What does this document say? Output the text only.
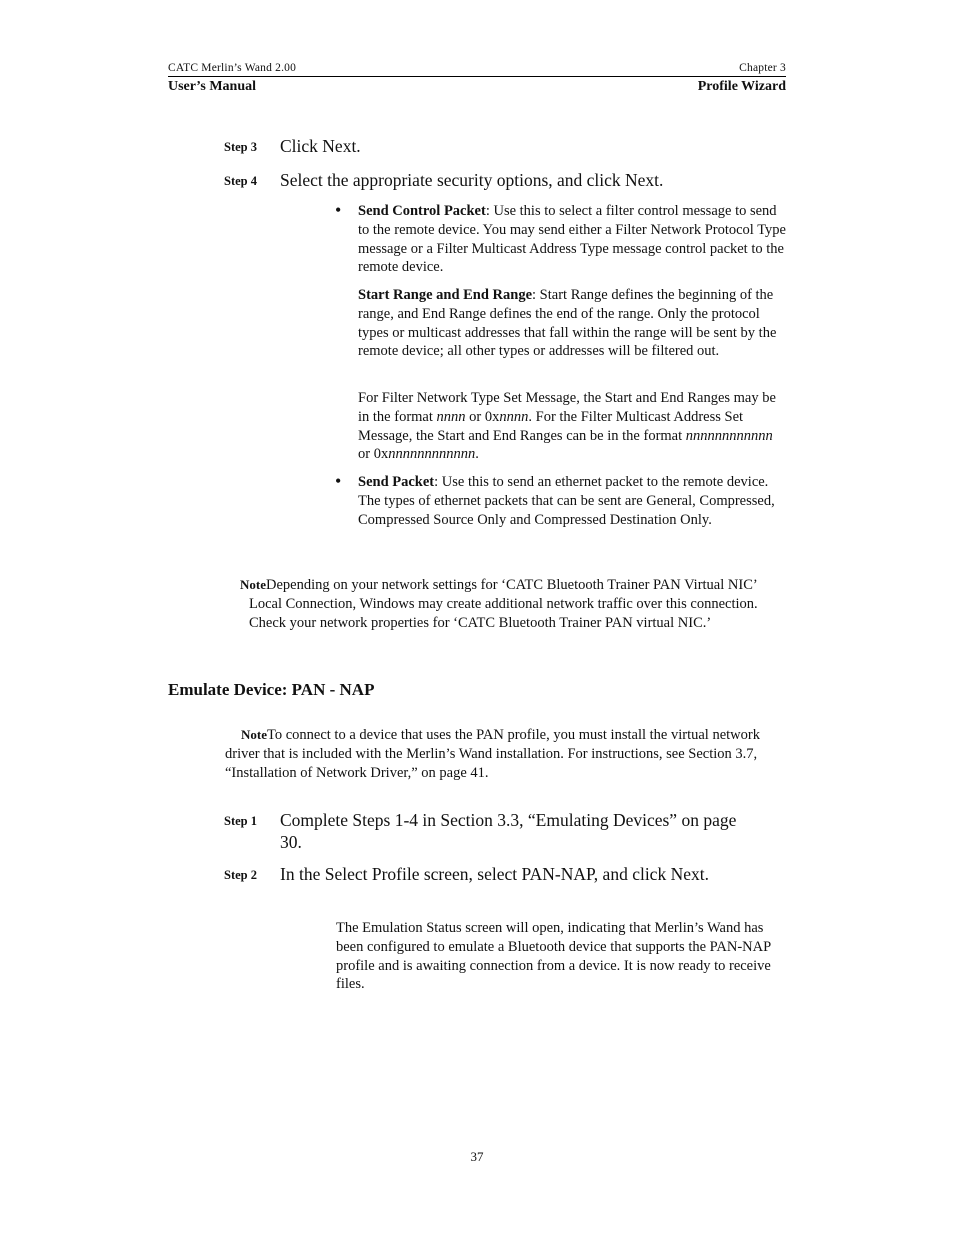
CATC Merlin’s Wand 2.00	Chapter 3
User’s Manual	Profile Wizard
Step 3 Click Next.
Step 4 Select the appropriate security options, and click Next.
• Send Control Packet: Use this to select a filter control message to send to the remote device. You may send either a Filter Network Protocol Type message or a Filter Multicast Address Type message control packet to the remote device.
Start Range and End Range: Start Range defines the beginning of the range, and End Range defines the end of the range. Only the protocol types or multicast addresses that fall within the range will be sent by the remote device; all other types or addresses will be filtered out.
For Filter Network Type Set Message, the Start and End Ranges may be in the format nnnn or 0xnnnn. For the Filter Multicast Address Set Message, the Start and End Ranges can be in the format nnnnnnnnnnnn or 0xnnnnnnnnnnnn.
• Send Packet: Use this to send an ethernet packet to the remote device. The types of ethernet packets that can be sent are General, Compressed, Compressed Source Only and Compressed Destination Only.
NoteDepending on your network settings for ‘CATC Bluetooth Trainer PAN Virtual NIC’ Local Connection, Windows may create additional network traffic over this connection. Check your network properties for ‘CATC Bluetooth Trainer PAN virtual NIC.’
Emulate Device: PAN - NAP
NoteTo connect to a device that uses the PAN profile, you must install the virtual network driver that is included with the Merlin’s Wand installation. For instructions, see Section 3.7, “Installation of Network Driver,” on page 41.
Step 1 Complete Steps 1-4 in Section 3.3, “Emulating Devices” on page 30.
Step 2 In the Select Profile screen, select PAN-NAP, and click Next.
The Emulation Status screen will open, indicating that Merlin’s Wand has been configured to emulate a Bluetooth device that supports the PAN-NAP profile and is awaiting connection from a device. It is now ready to receive files.
37
